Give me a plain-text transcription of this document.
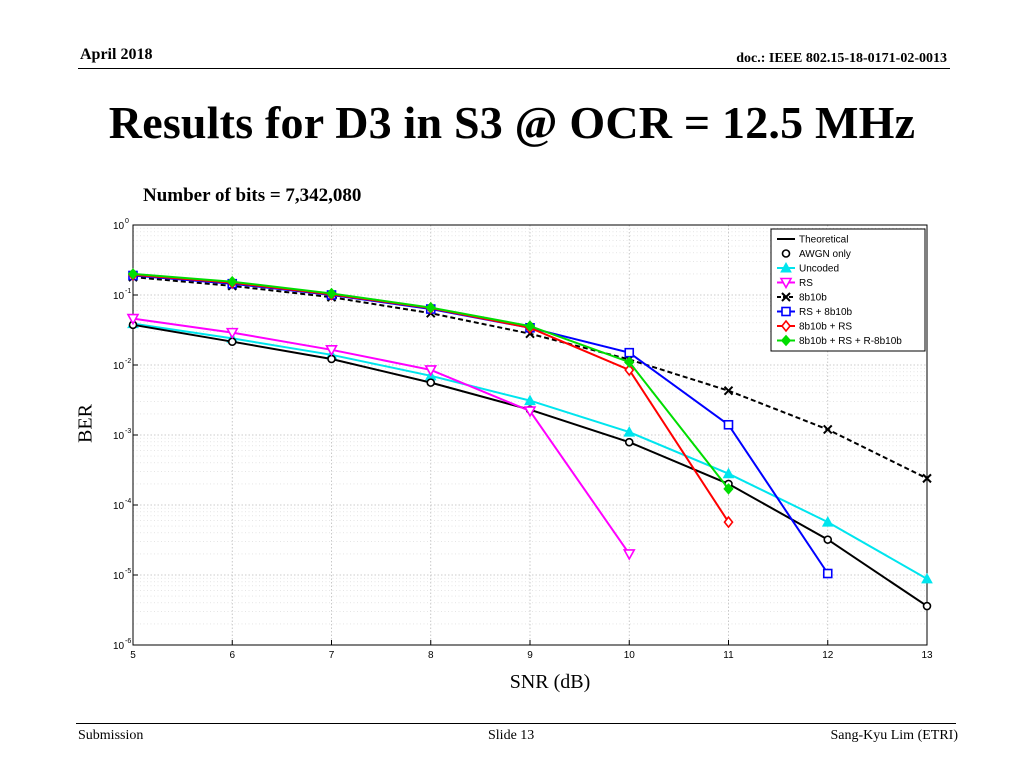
April 2018	doc.: IEEE 802.15-18-0171-02-0013
Results for D3 in S3 @ OCR = 12.5 MHz
Number of bits = 7,342,080
5	6	7	8	9	10	11	12	13
10 0
10 -1
10 -2
10 -3
10 -4
10 -5
10 -6
Theoretical
AWGN only
Uncoded
RS
8b10b
RS + 8b10b
8b10b + RS
8b10b + RS + R-8b10b
BER
SNR (dB)
Submission	Slide 13	Sang-Kyu Lim (ETRI)
